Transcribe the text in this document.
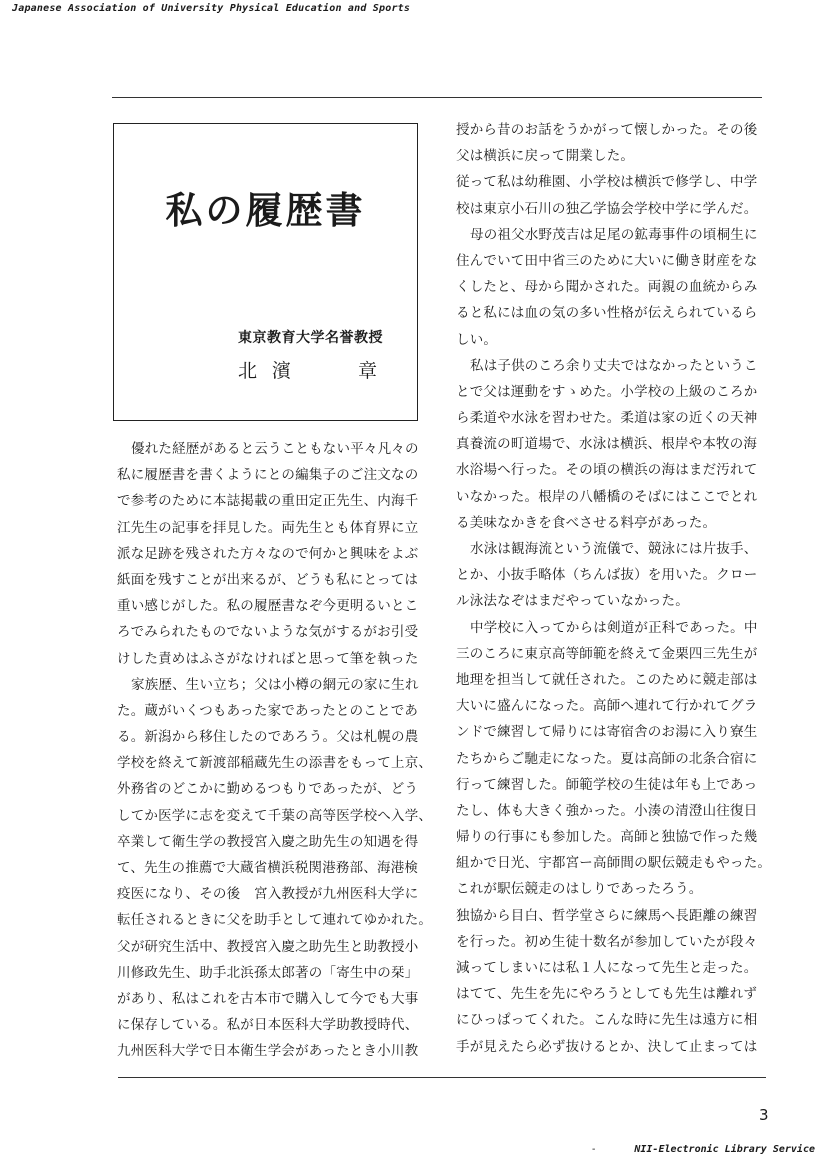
Japanese Association of University Physical Education and Sports
私の履歴書
東京教育大学名誉教授
北 濱	章
優れた経歴があると云うこともない平々凡々の
私に履歴書を書くようにとの編集子のご注文なの
で参考のために本誌掲載の重田定正先生、内海千
江先生の記事を拝見した。両先生とも体育界に立
派な足跡を残された方々なので何かと興味をよぶ
紙面を残すことが出来るが、どうも私にとっては
重い感じがした。私の履歴書なぞ今更明るいとこ
ろでみられたものでないような気がするがお引受
けした責めはふさがなければと思って筆を執った
家族歴、生い立ち；父は小樽の網元の家に生れ
た。蔵がいくつもあった家であったとのことであ
る。新潟から移住したのであろう。父は札幌の農
学校を終えて新渡部稲蔵先生の添書をもって上京、
外務省のどこかに勤めるつもりであったが、どう
してか医学に志を変えて千葉の高等医学校へ入学、
卒業して衛生学の教授宮入慶之助先生の知遇を得
て、先生の推薦で大蔵省横浜税関港務部、海港検
疫医になり、その後　宮入教授が九州医科大学に
転任されるときに父を助手として連れてゆかれた。
父が研究生活中、教授宮入慶之助先生と助教授小
川修政先生、助手北浜孫太郎著の「寄生中の栞」
があり、私はこれを古本市で購入して今でも大事
に保存している。私が日本医科大学助教授時代、
九州医科大学で日本衛生学会があったとき小川教
授から昔のお話をうかがって懐しかった。その後
父は横浜に戻って開業した。
従って私は幼稚園、小学校は横浜で修学し、中学
校は東京小石川の独乙学協会学校中学に学んだ。
母の祖父水野茂吉は足尾の鉱毒事件の頃桐生に
住んでいて田中省三のために大いに働き財産をな
くしたと、母から聞かされた。両親の血統からみ
ると私には血の気の多い性格が伝えられているら
しい。
私は子供のころ余り丈夫ではなかったというこ
とで父は運動をすゝめた。小学校の上級のころか
ら柔道や水泳を習わせた。柔道は家の近くの天神
真養流の町道場で、水泳は横浜、根岸や本牧の海
水浴場へ行った。その頃の横浜の海はまだ汚れて
いなかった。根岸の八幡橋のそばにはここでとれ
る美味なかきを食べさせる料亭があった。
水泳は観海流という流儀で、競泳には片抜手、
とか、小抜手略体（ちんば抜）を用いた。クロー
ル泳法なぞはまだやっていなかった。
中学校に入ってからは剣道が正科であった。中
三のころに東京高等師範を終えて金栗四三先生が
地理を担当して就任された。このために競走部は
大いに盛んになった。高師へ連れて行かれてグラ
ンドで練習して帰りには寄宿舎のお湯に入り寮生
たちからご馳走になった。夏は高師の北条合宿に
行って練習した。師範学校の生徒は年も上であっ
たし、体も大きく強かった。小湊の清澄山往復日
帰りの行事にも参加した。高師と独協で作った幾
組かで日光、宇都宮ー高師間の駅伝競走もやった。
これが駅伝競走のはしりであったろう。
独協から目白、哲学堂さらに練馬へ長距離の練習
を行った。初め生徒十数名が参加していたが段々
減ってしまいには私１人になって先生と走った。
はてて、先生を先にやろうとしても先生は離れず
にひっぱってくれた。こんな時に先生は遠方に相
手が見えたら必ず抜けるとか、決して止まっては
3
-	NII-Electronic Library Service
